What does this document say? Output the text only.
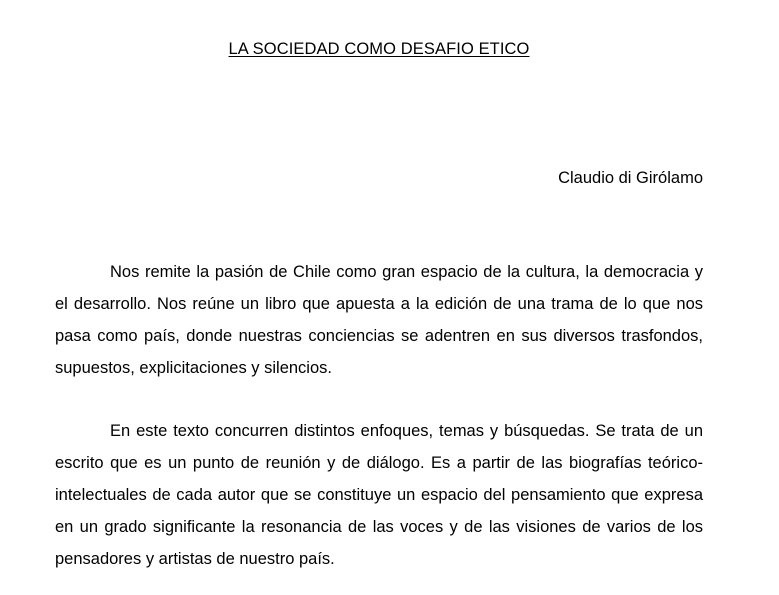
LA SOCIEDAD COMO DESAFIO ETICO
Claudio di Girólamo

Nos remite la pasión de Chile como gran espacio de la cultura, la democracia y el desarrollo. Nos reúne un libro que apuesta a la edición de una trama de lo que nos pasa como país, donde nuestras conciencias se adentren en sus diversos trasfondos, supuestos, explicitaciones y silencios.

En este texto concurren distintos enfoques, temas y búsquedas. Se trata de un escrito que es un punto de reunión y de diálogo. Es a partir de las biografías teórico-intelectuales de cada autor que se constituye un espacio del pensamiento que expresa en un grado significante la resonancia de las voces y de las visiones de varios de los pensadores y artistas de nuestro país.
